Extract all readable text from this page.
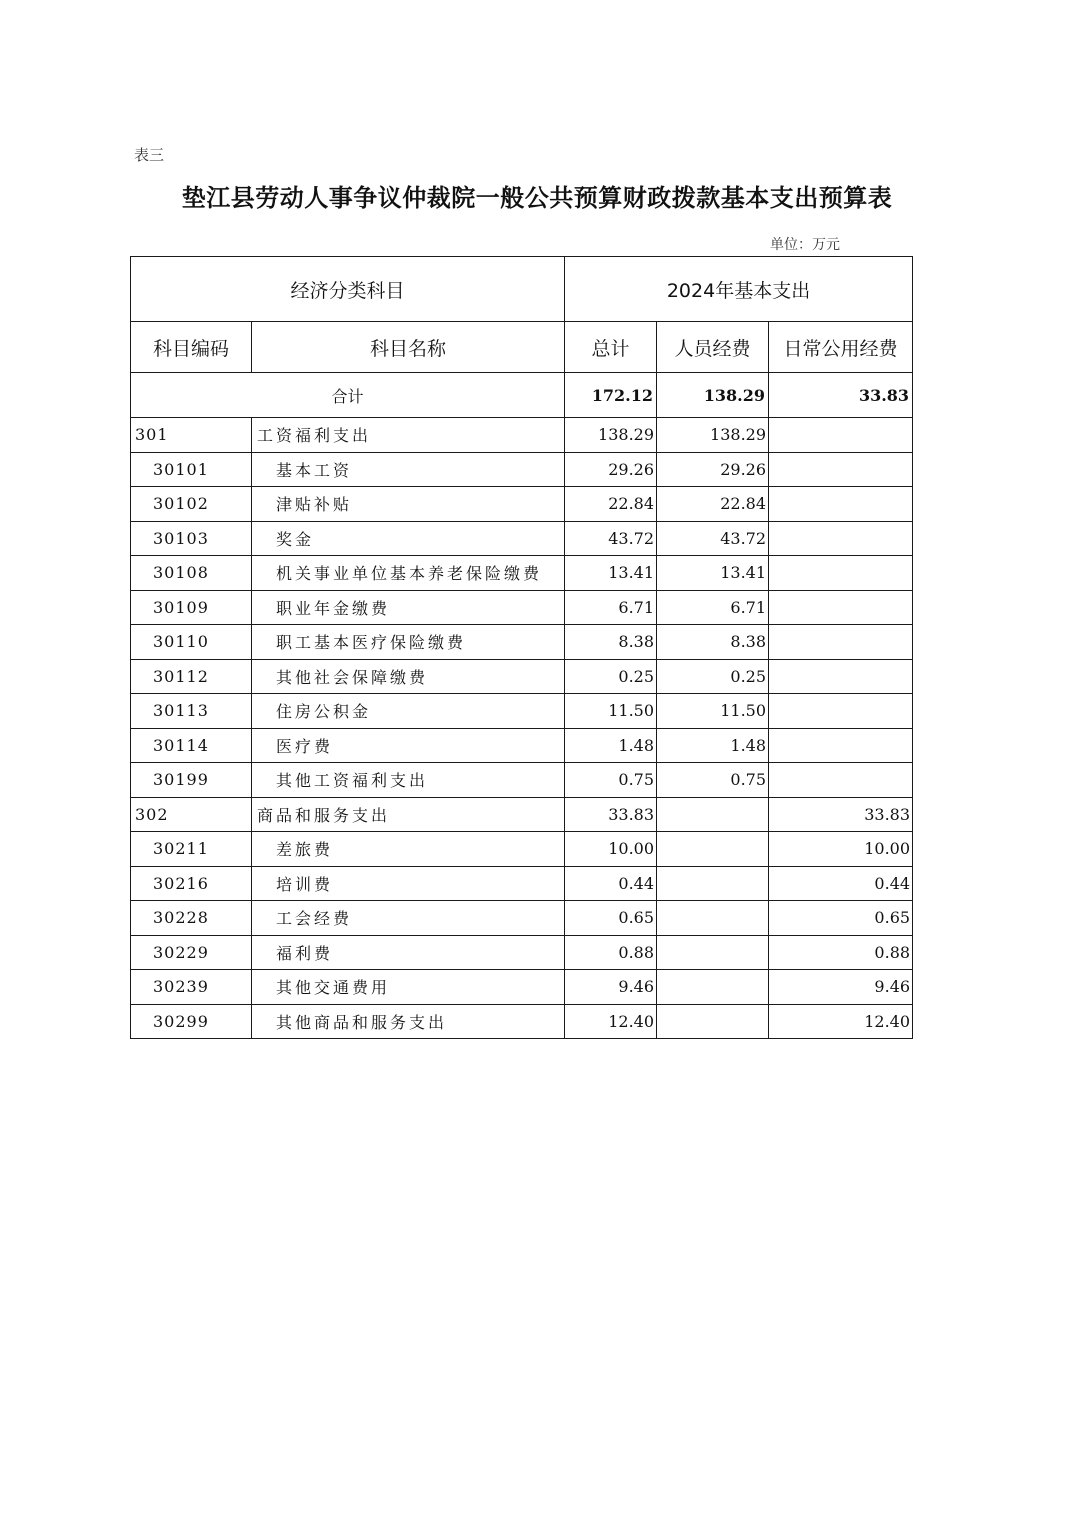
表三
垫江县劳动人事争议仲裁院一般公共预算财政拨款基本支出预算表
单位：万元
经济分类科目		2024年基本支出		
科目编码	科目名称	总计	人员经费	日常公用经费
合计		172.12	138.29	33.83
301	工资福利支出	138.29	138.29	
30101	基本工资	29.26	29.26	
30102	津贴补贴	22.84	22.84	
30103	奖金	43.72	43.72	
30108	机关事业单位基本养老保险缴费	13.41	13.41	
30109	职业年金缴费	6.71	6.71	
30110	职工基本医疗保险缴费	8.38	8.38	
30112	其他社会保障缴费	0.25	0.25	
30113	住房公积金	11.50	11.50	
30114	医疗费	1.48	1.48	
30199	其他工资福利支出	0.75	0.75	
302	商品和服务支出	33.83		33.83
30211	差旅费	10.00		10.00
30216	培训费	0.44		0.44
30228	工会经费	0.65		0.65
30229	福利费	0.88		0.88
30239	其他交通费用	9.46		9.46
30299	其他商品和服务支出	12.40		12.40
